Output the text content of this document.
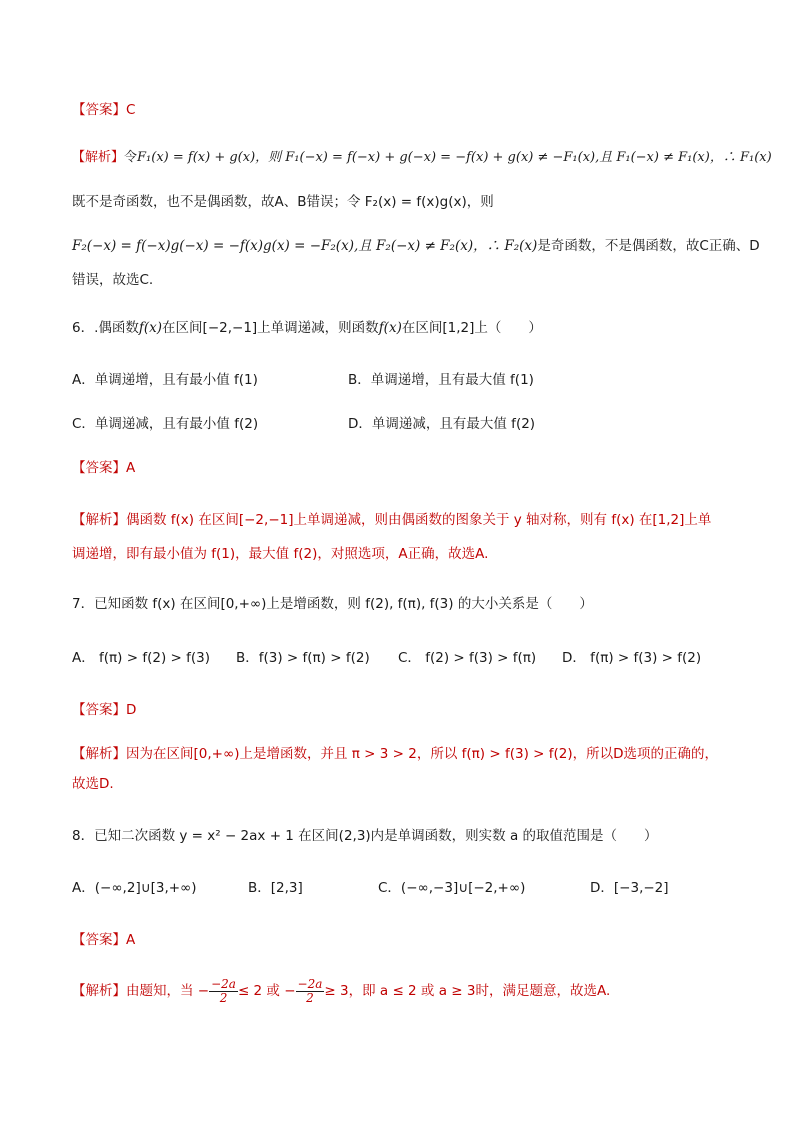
【答案】C
【解析】令F₁(x) = f(x) + g(x)，则 F₁(−x) = f(−x) + g(−x) = −f(x) + g(x) ≠ −F₁(x),且 F₁(−x) ≠ F₁(x)，∴ F₁(x)
既不是奇函数，也不是偶函数，故A、B错误；令 F₂(x) = f(x)g(x)，则
F₂(−x) = f(−x)g(−x) = −f(x)g(x) = −F₂(x),且 F₂(−x) ≠ F₂(x)，∴ F₂(x)是奇函数，不是偶函数，故C正确、D
错误，故选C.
6．.偶函数f(x)在区间[−2,−1]上单调递减，则函数f(x)在区间[1,2]上（　　）
A．单调递增，且有最小值 f(1)	B．单调递增，且有最大值 f(1)
C．单调递减，且有最小值 f(2)	D．单调递减，且有最大值 f(2)
【答案】A
【解析】偶函数 f(x) 在区间[−2,−1]上单调递减，则由偶函数的图象关于 y 轴对称，则有 f(x) 在[1,2]上单
调递增，即有最小值为 f(1)，最大值 f(2)，对照选项，A正确，故选A.
7．已知函数 f(x) 在区间[0,+∞)上是增函数，则 f(2), f(π), f(3) 的大小关系是（　　）
A． f(π) > f(2) > f(3) B．f(3) > f(π) > f(2) C． f(2) > f(3) > f(π) D． f(π) > f(3) > f(2)
【答案】D
【解析】因为在区间[0,+∞)上是增函数，并且 π > 3 > 2，所以 f(π) > f(3) > f(2)，所以D选项的正确的，
故选D.
8．已知二次函数 y = x² − 2ax + 1 在区间(2,3)内是单调函数，则实数 a 的取值范围是（　　）
A．(−∞,2]∪[3,+∞)	B．[2,3]	C．(−∞,−3]∪[−2,+∞)	D．[−3,−2]
【答案】A
【解析】由题知，当 − $\frac{-2a}{2} \le 2$ 或 − $\frac{-2a}{2} \ge 3$，即 a ≤ 2 或 a ≥ 3时，满足题意，故选A.
